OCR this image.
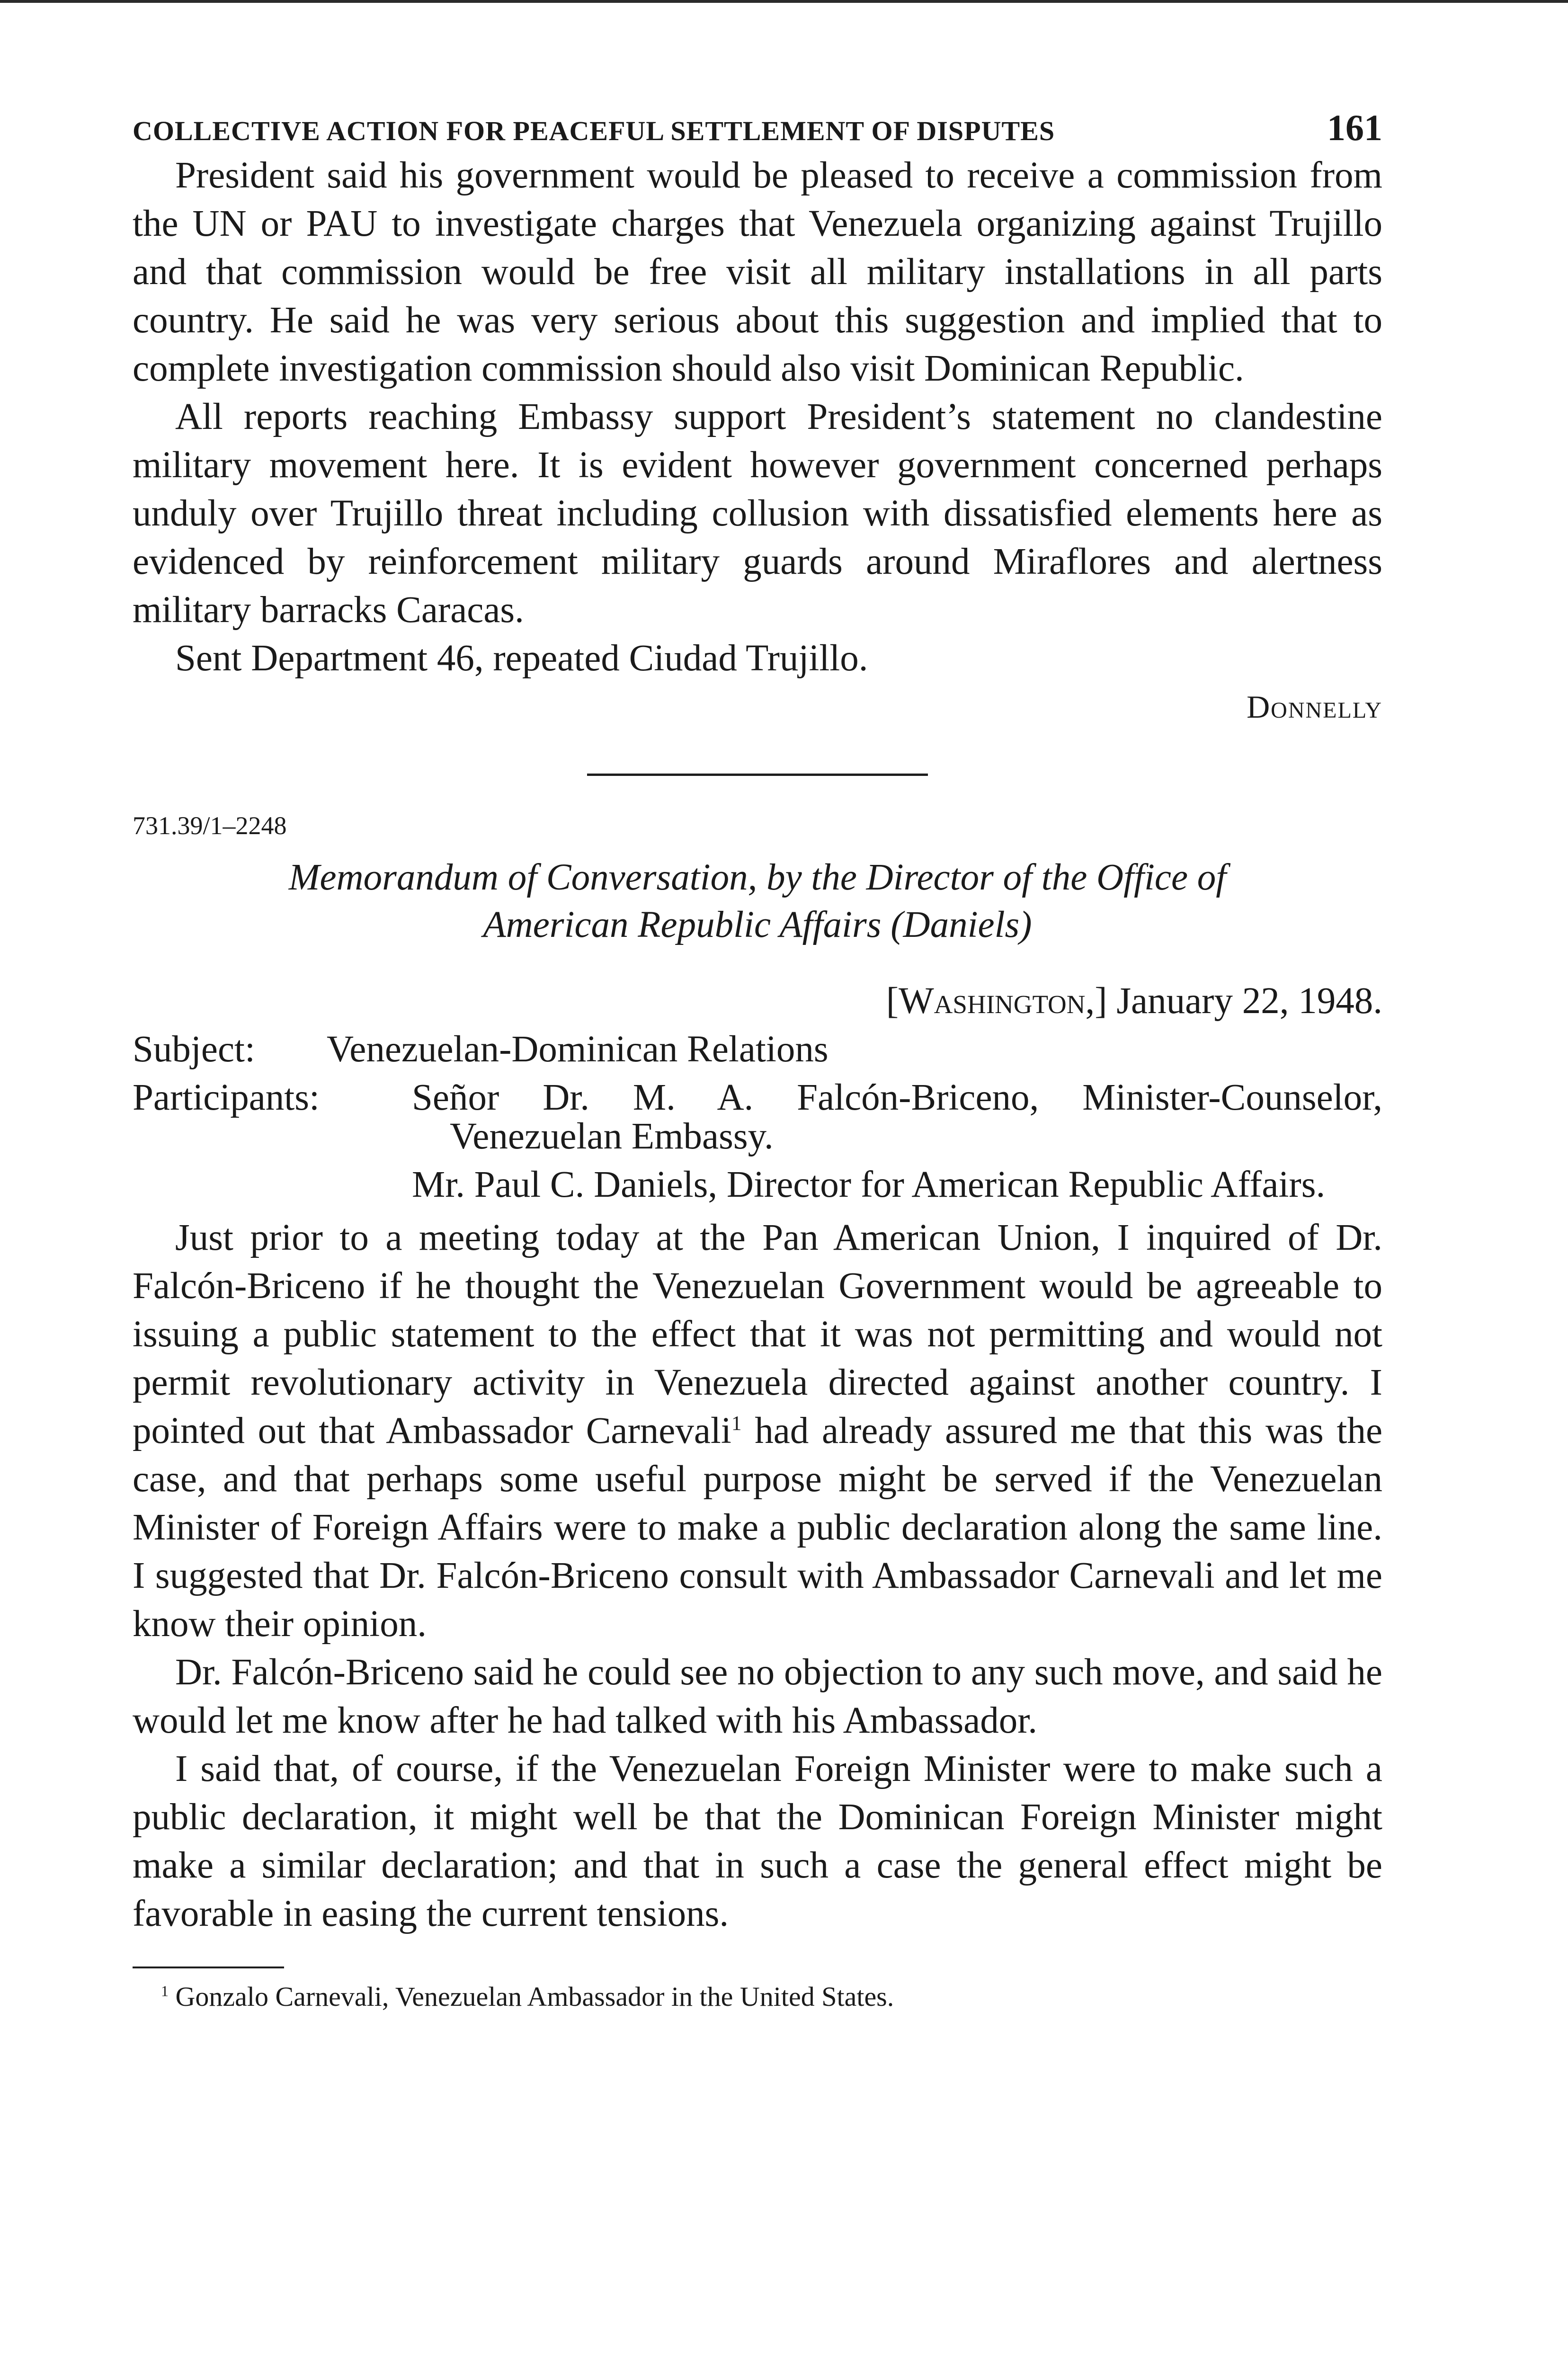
COLLECTIVE ACTION FOR PEACEFUL SETTLEMENT OF DISPUTES	161

President said his government would be pleased to receive a commission from the UN or PAU to investigate charges that Venezuela organizing against Trujillo and that commission would be free visit all military installations in all parts country. He said he was very serious about this suggestion and implied that to complete investigation commission should also visit Dominican Republic.

All reports reaching Embassy support President’s statement no clandestine military movement here. It is evident however government concerned perhaps unduly over Trujillo threat including collusion with dissatisfied elements here as evidenced by reinforcement military guards around Miraflores and alertness military barracks Caracas.

Sent Department 46, repeated Ciudad Trujillo.

Donnelly
731.39/1–2248
Memorandum of Conversation, by the Director of the Office of
American Republic Affairs (Daniels)
[Washington,] January 22, 1948.
Subject:	Venezuelan-Dominican Relations
Participants:	Señor Dr. M. A. Falcón-Briceno, Minister-Counselor, Venezuelan Embassy.
Mr. Paul C. Daniels, Director for American Republic Affairs.

Just prior to a meeting today at the Pan American Union, I inquired of Dr. Falcón-Briceno if he thought the Venezuelan Government would be agreeable to issuing a public statement to the effect that it was not permitting and would not permit revolutionary activity in Venezuela directed against another country. I pointed out that Ambassador Carnevali$^1$ had already assured me that this was the case, and that perhaps some useful purpose might be served if the Venezuelan Minister of Foreign Affairs were to make a public declaration along the same line. I suggested that Dr. Falcón-Briceno consult with Ambassador Carnevali and let me know their opinion.

Dr. Falcón-Briceno said he could see no objection to any such move, and said he would let me know after he had talked with his Ambassador.

I said that, of course, if the Venezuelan Foreign Minister were to make such a public declaration, it might well be that the Dominican Foreign Minister might make a similar declaration; and that in such a case the general effect might be favorable in easing the current tensions.

$^1$ Gonzalo Carnevali, Venezuelan Ambassador in the United States.
